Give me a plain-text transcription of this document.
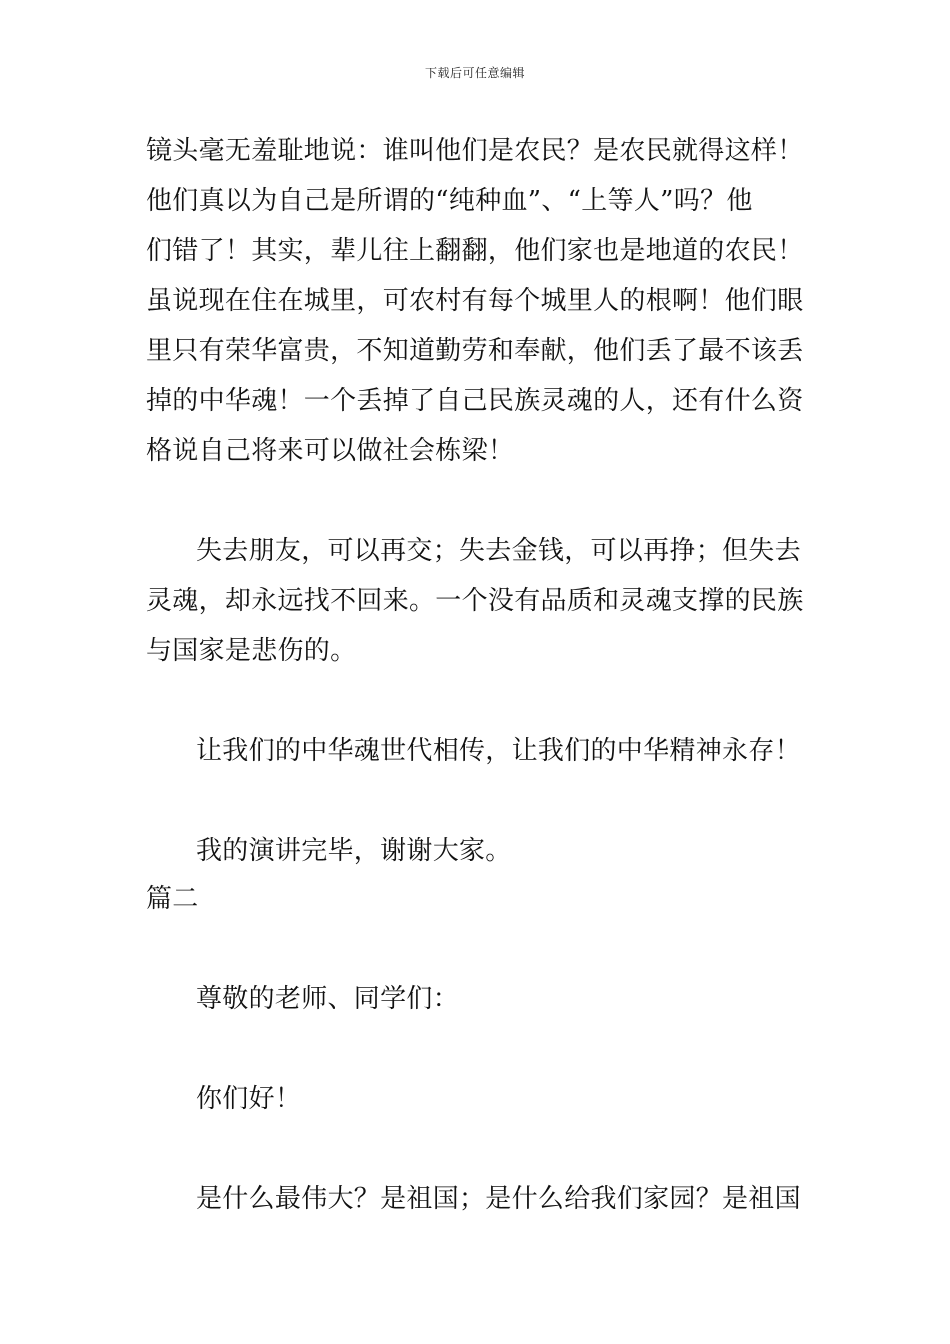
下载后可任意编辑
镜头毫无羞耻地说：谁叫他们是农民？是农民就得这样！
他们真以为自己是所谓的“纯种血”、“上等人”吗？他
们错了！其实，辈儿往上翻翻，他们家也是地道的农民！
虽说现在住在城里，可农村有每个城里人的根啊！他们眼
里只有荣华富贵，不知道勤劳和奉献，他们丢了最不该丢
掉的中华魂！一个丢掉了自己民族灵魂的人，还有什么资
格说自己将来可以做社会栋梁！
失去朋友，可以再交；失去金钱，可以再挣；但失去
灵魂，却永远找不回来。一个没有品质和灵魂支撑的民族
与国家是悲伤的。
让我们的中华魂世代相传，让我们的中华精神永存！
我的演讲完毕，谢谢大家。
篇二
尊敬的老师、同学们：
你们好！
是什么最伟大？是祖国；是什么给我们家园？是祖国
